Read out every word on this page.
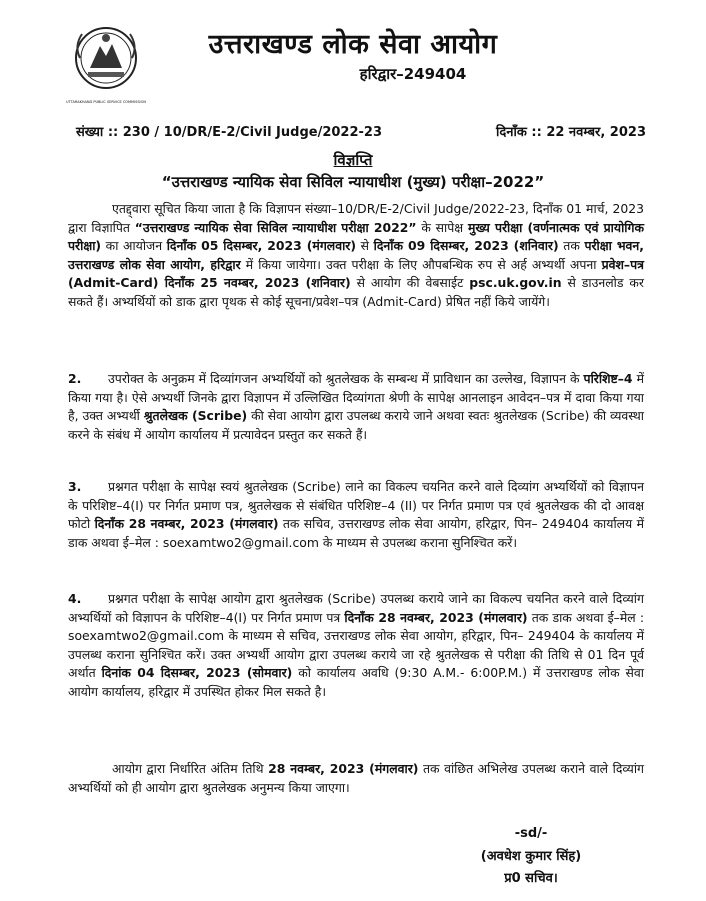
UTTARAKHAND PUBLIC SERVICE COMMISSION
उत्तराखण्ड लोक सेवा आयोग
हरिद्वार–249404
संख्या :: 230 / 10/DR/E-2/Civil Judge/2022-23	दिनाँक :: 22 नवम्बर, 2023
विज्ञप्ति
“उत्तराखण्ड न्यायिक सेवा सिविल न्यायाधीश (मुख्य) परीक्षा–2022”
एतद्द्वारा सूचित किया जाता है कि विज्ञापन संख्या–10/DR/E-2/Civil Judge/2022-23, दिनाँक 01 मार्च, 2023 द्वारा विज्ञापित “उत्तराखण्ड न्यायिक सेवा सिविल न्यायाधीश परीक्षा 2022” के सापेक्ष मुख्य परीक्षा (वर्णनात्मक एवं प्रायोगिक परीक्षा) का आयोजन दिनाँक 05 दिसम्बर, 2023 (मंगलवार) से दिनाँक 09 दिसम्बर, 2023 (शनिवार) तक परीक्षा भवन, उत्तराखण्ड लोक सेवा आयोग, हरिद्वार में किया जायेगा। उक्त परीक्षा के लिए औपबन्धिक रुप से अर्ह अभ्यर्थी अपना प्रवेश–पत्र (Admit-Card) दिनाँक 25 नवम्बर, 2023 (शनिवार) से आयोग की वेबसाईट psc.uk.gov.in से डाउनलोड कर सकते हैं। अभ्यर्थियों को डाक द्वारा पृथक से कोई सूचना/प्रवेश–पत्र (Admit-Card) प्रेषित नहीं किये जायेंगे।
2. उपरोक्त के अनुक्रम में दिव्यांगजन अभ्यर्थियों को श्रुतलेखक के सम्बन्ध में प्राविधान का उल्लेख, विज्ञापन के परिशिष्ट–4 में किया गया है। ऐसे अभ्यर्थी जिनके द्वारा विज्ञापन में उल्लिखित दिव्यांगता श्रेणी के सापेक्ष आनलाइन आवेदन–पत्र में दावा किया गया है, उक्त अभ्यर्थी श्रुतलेखक (Scribe) की सेवा आयोग द्वारा उपलब्ध कराये जाने अथवा स्वतः श्रुतलेखक (Scribe) की व्यवस्था करने के संबंध में आयोग कार्यालय में प्रत्यावेदन प्रस्तुत कर सकते हैं।
3. प्रश्नगत परीक्षा के सापेक्ष स्वयं श्रुतलेखक (Scribe) लाने का विकल्प चयनित करने वाले दिव्यांग अभ्यर्थियों को विज्ञापन के परिशिष्ट–4(I) पर निर्गत प्रमाण पत्र, श्रुतलेखक से संबंधित परिशिष्ट–4 (II) पर निर्गत प्रमाण पत्र एवं श्रुतलेखक की दो आवक्ष फोटो दिनाँक 28 नवम्बर, 2023 (मंगलवार) तक सचिव, उत्तराखण्ड लोक सेवा आयोग, हरिद्वार, पिन– 249404 कार्यालय में डाक अथवा ई–मेल : soexamtwo2@gmail.com के माध्यम से उपलब्ध कराना सुनिश्चित करें।
4. प्रश्नगत परीक्षा के सापेक्ष आयोग द्वारा श्रुतलेखक (Scribe) उपलब्ध कराये जाने का विकल्प चयनित करने वाले दिव्यांग अभ्यर्थियों को विज्ञापन के परिशिष्ट–4(I) पर निर्गत प्रमाण पत्र दिनाँक 28 नवम्बर, 2023 (मंगलवार) तक डाक अथवा ई–मेल : soexamtwo2@gmail.com के माध्यम से सचिव, उत्तराखण्ड लोक सेवा आयोग, हरिद्वार, पिन– 249404 के कार्यालय में उपलब्ध कराना सुनिश्चित करें। उक्त अभ्यर्थी आयोग द्वारा उपलब्ध कराये जा रहे श्रुतलेखक से परीक्षा की तिथि से 01 दिन पूर्व अर्थात दिनांक 04 दिसम्बर, 2023 (सोमवार) को कार्यालय अवधि (9:30 A.M.- 6:00P.M.) में उत्तराखण्ड लोक सेवा आयोग कार्यालय, हरिद्वार में उपस्थित होकर मिल सकते है।
आयोग द्वारा निर्धारित अंतिम तिथि 28 नवम्बर, 2023 (मंगलवार) तक वांछित अभिलेख उपलब्ध कराने वाले दिव्यांग अभ्यर्थियों को ही आयोग द्वारा श्रुतलेखक अनुमन्य किया जाएगा।
-sd/-
(अवधेश कुमार सिंह)
प्र0 सचिव।
